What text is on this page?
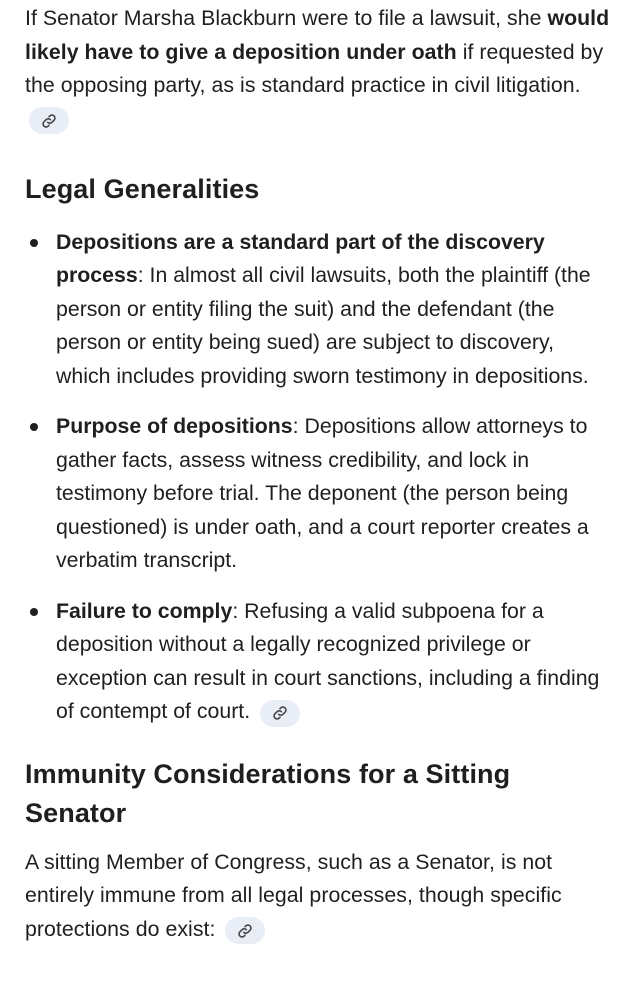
If Senator Marsha Blackburn were to file a lawsuit, she would likely have to give a deposition under oath if requested by the opposing party, as is standard practice in civil litigation.

Legal Generalities
Depositions are a standard part of the discovery process: In almost all civil lawsuits, both the plaintiff (the person or entity filing the suit) and the defendant (the person or entity being sued) are subject to discovery, which includes providing sworn testimony in depositions.
Purpose of depositions: Depositions allow attorneys to gather facts, assess witness credibility, and lock in testimony before trial. The deponent (the person being questioned) is under oath, and a court reporter creates a verbatim transcript.
Failure to comply: Refusing a valid subpoena for a deposition without a legally recognized privilege or exception can result in court sanctions, including a finding of contempt of court.
Immunity Considerations for a Sitting Senator

A sitting Member of Congress, such as a Senator, is not entirely immune from all legal processes, though specific protections do exist:
